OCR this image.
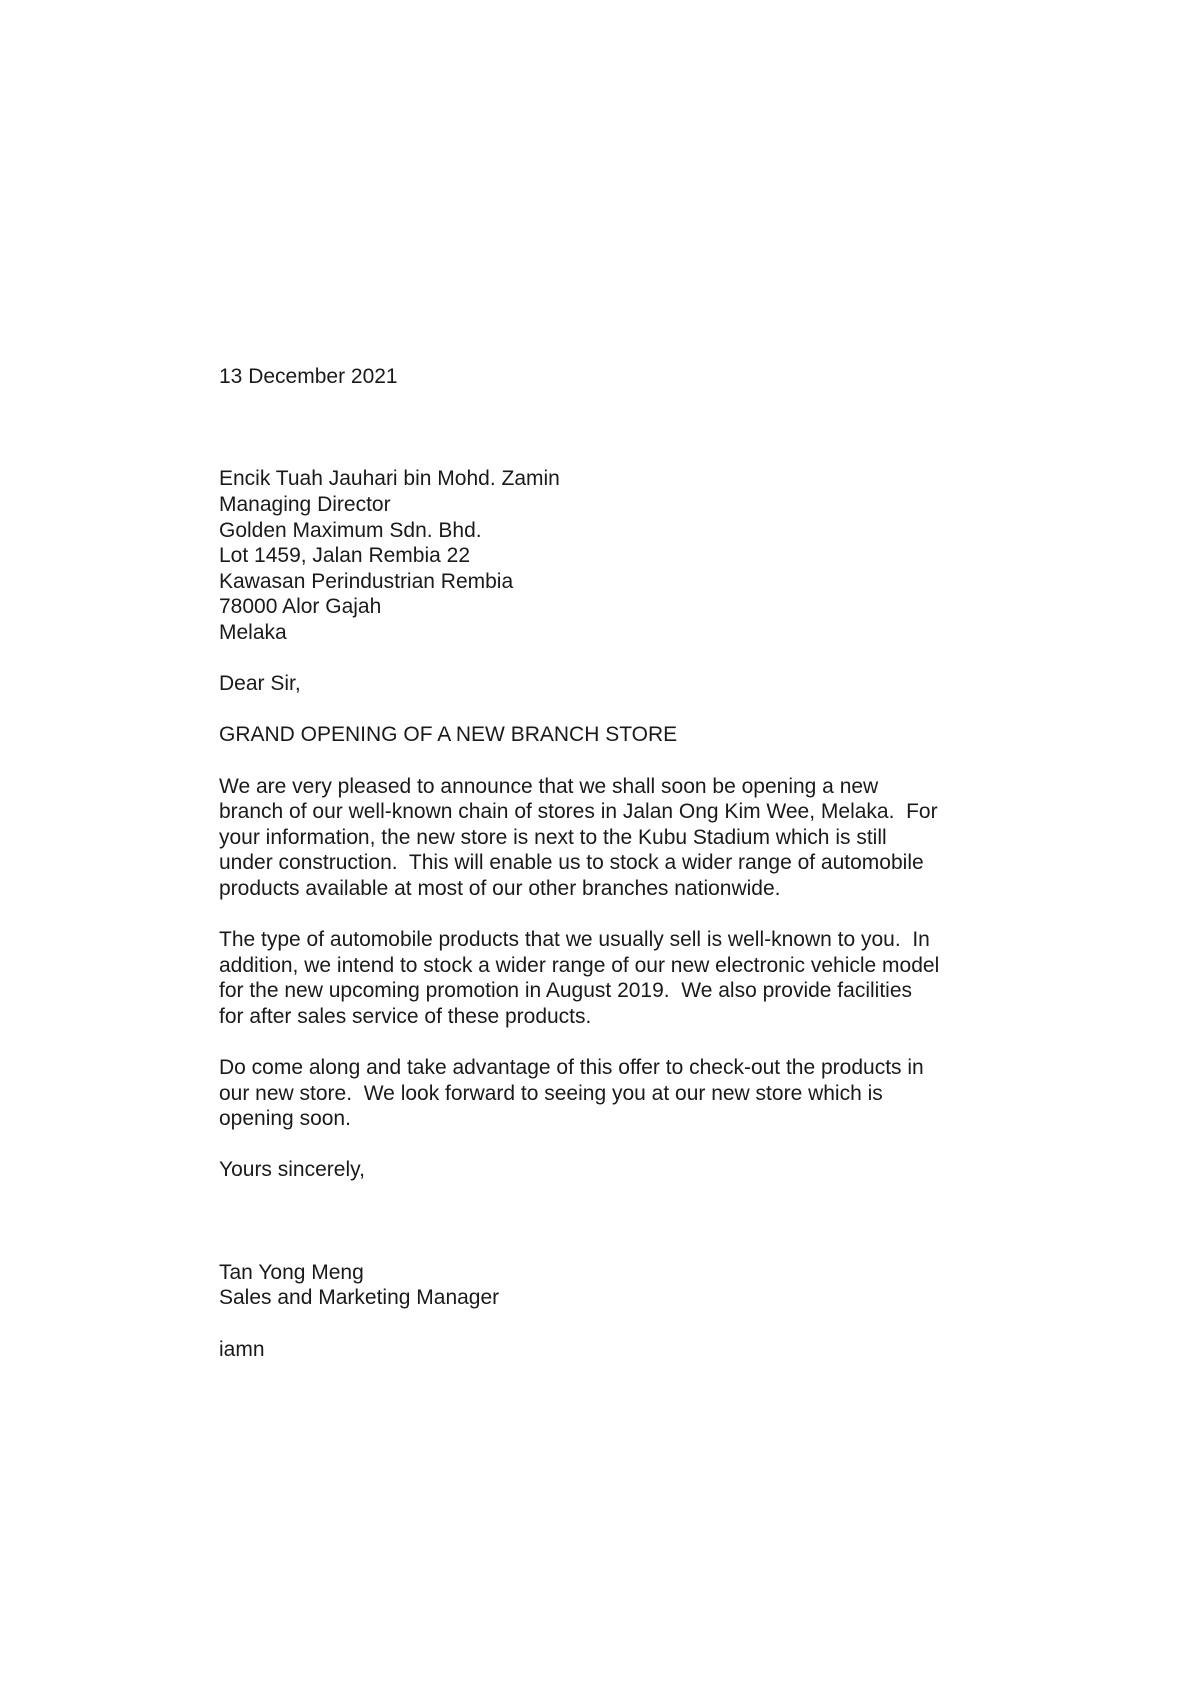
13 December 2021
Encik Tuah Jauhari bin Mohd. Zamin
Managing Director
Golden Maximum Sdn. Bhd.
Lot 1459, Jalan Rembia 22
Kawasan Perindustrian Rembia
78000 Alor Gajah
Melaka
Dear Sir,
GRAND OPENING OF A NEW BRANCH STORE
We are very pleased to announce that we shall soon be opening a new
branch of our well-known chain of stores in Jalan Ong Kim Wee, Melaka.  For
your information, the new store is next to the Kubu Stadium which is still
under construction.  This will enable us to stock a wider range of automobile
products available at most of our other branches nationwide.
The type of automobile products that we usually sell is well-known to you.  In
addition, we intend to stock a wider range of our new electronic vehicle model
for the new upcoming promotion in August 2019.  We also provide facilities
for after sales service of these products.
Do come along and take advantage of this offer to check-out the products in
our new store.  We look forward to seeing you at our new store which is
opening soon.
Yours sincerely,
Tan Yong Meng
Sales and Marketing Manager
iamn
